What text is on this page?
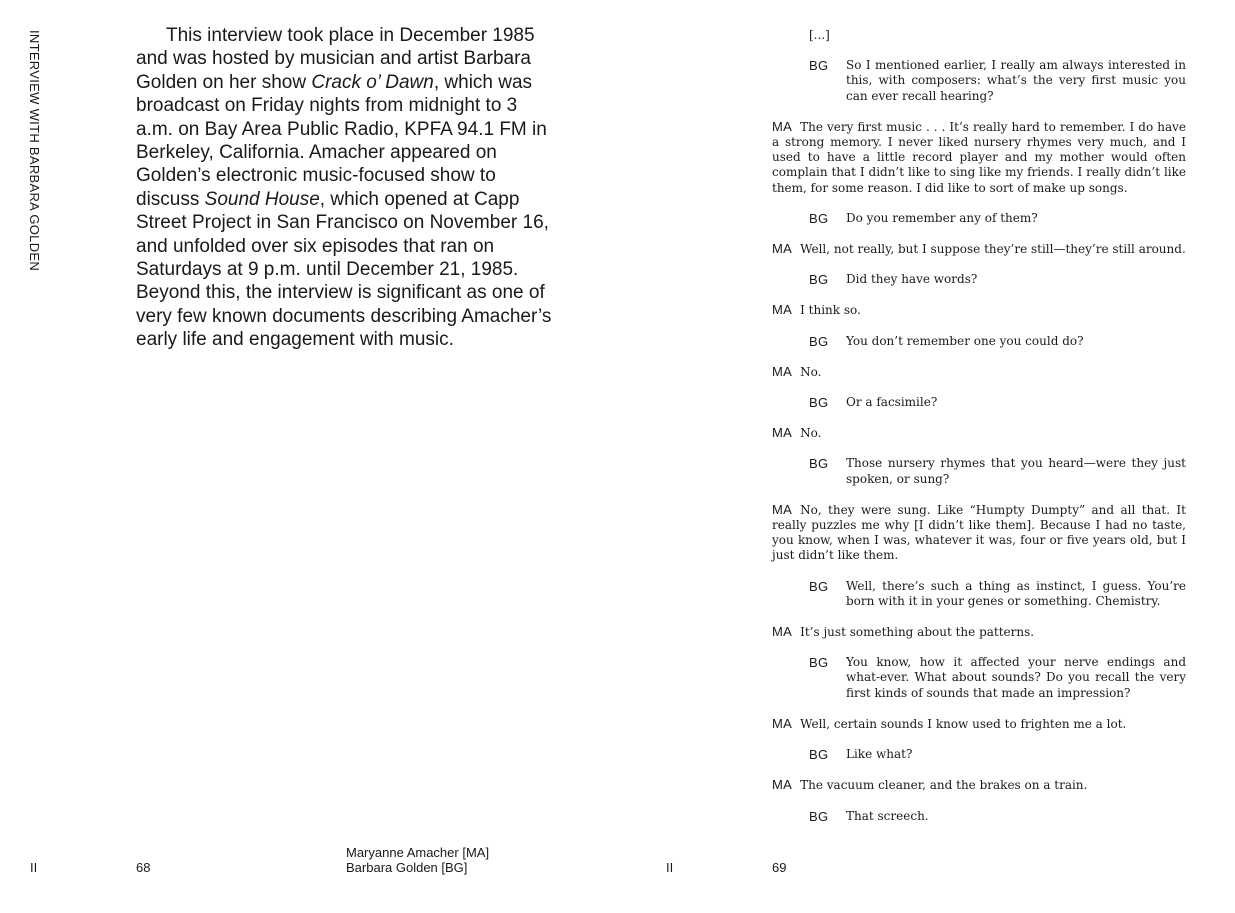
INTERVIEW WITH BARBARA GOLDEN	This interview took place in December 1985 and was hosted by musician and artist Barbara Golden on her show Crack o’ Dawn, which was broadcast on Friday nights from midnight to 3 a.m. on Bay Area Public Radio, KPFA 94.1 FM in Berkeley, California. Amacher appeared on Golden’s electronic music-focused show to discuss Sound House, which opened at Capp Street Project in San Francisco on November 16, and unfolded over six episodes that ran on Saturdays at 9 p.m. until December 21, 1985. Beyond this, the interview is significant as one of very few known documents describing Amacher’s early life and engagement with music.

[...]
BG So I mentioned earlier, I really am always interested in this, with composers: what’s the very first music you can ever recall hearing?
MA The very first music . . . It’s really hard to remember. I do have a strong memory. I never liked nursery rhymes very much, and I used to have a little record player and my mother would often complain that I didn’t like to sing like my friends. I really didn’t like them, for some reason. I did like to sort of make up songs.
BG Do you remember any of them?
MA Well, not really, but I suppose they’re still—they’re still around.
BG Did they have words?
MA I think so.
BG You don’t remember one you could do?
MA No.
BG Or a facsimile?
MA No.
BG Those nursery rhymes that you heard—were they just spoken, or sung?
MA No, they were sung. Like “Humpty Dumpty” and all that. It really puzzles me why [I didn’t like them]. Because I had no taste, you know, when I was, whatever it was, four or five years old, but I just didn’t like them.
BG Well, there’s such a thing as instinct, I guess. You’re born with it in your genes or something. Chemistry.
MA It’s just something about the patterns.
BG You know, how it affected your nerve endings and what-ever. What about sounds? Do you recall the very first kinds of sounds that made an impression?
MA Well, certain sounds I know used to frighten me a lot.
BG Like what?
MA The vacuum cleaner, and the brakes on a train.
BG That screech.
II	68
Maryanne Amacher [MA]
Barbara Golden [BG]	II	69
